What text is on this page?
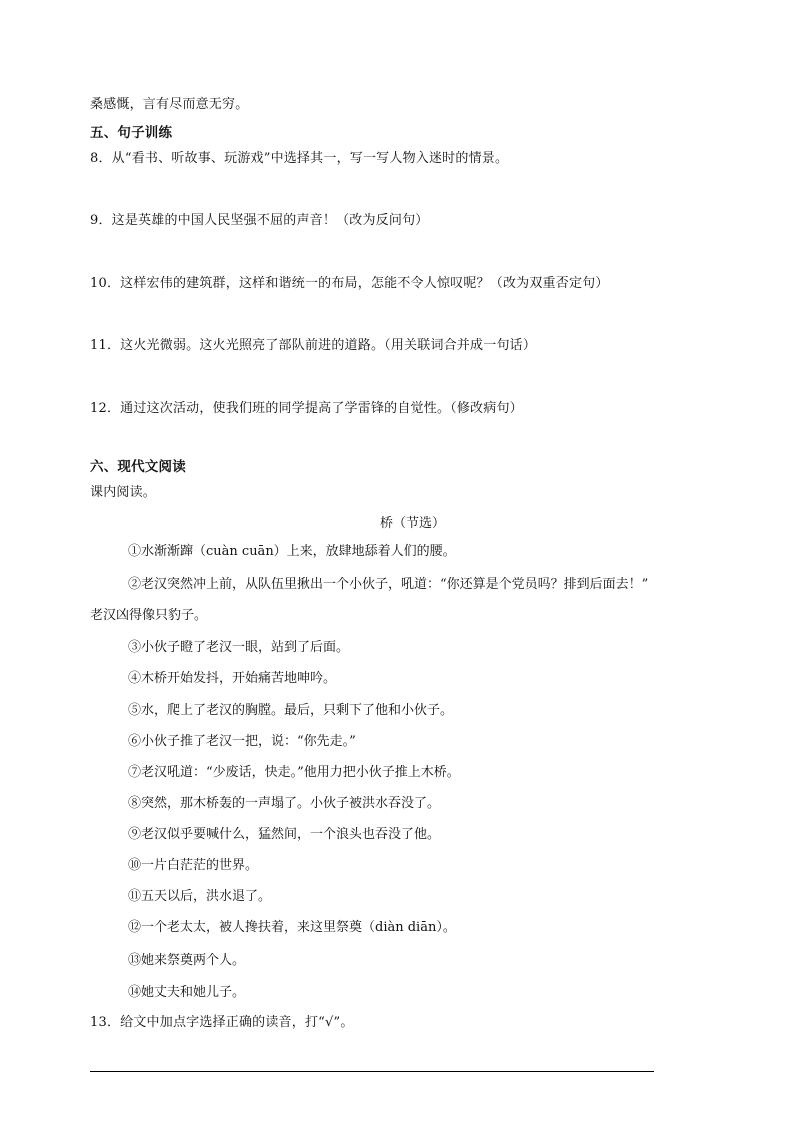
桑感慨，言有尽而意无穷。
五、句子训练
8．从“看书、听故事、玩游戏”中选择其一，写一写人物入迷时的情景。
9．这是英雄的中国人民坚强不屈的声音！（改为反问句）
10．这样宏伟的建筑群，这样和谐统一的布局，怎能不令人惊叹呢？（改为双重否定句）
11．这火光微弱。这火光照亮了部队前进的道路。（用关联词合并成一句话）
12．通过这次活动，使我们班的同学提高了学雷锋的自觉性。（修改病句）
六、现代文阅读
课内阅读。
桥（节选）
①水渐渐蹿（cuàn cuān）上来，放肆地舔着人们的腰。
②老汉突然冲上前，从队伍里揪出一个小伙子，吼道：“你还算是个党员吗？排到后面去！”
老汉凶得像只豹子。
③小伙子瞪了老汉一眼，站到了后面。
④木桥开始发抖，开始痛苦地呻吟。
⑤水，爬上了老汉的胸膛。最后，只剩下了他和小伙子。
⑥小伙子推了老汉一把，说：“你先走。”
⑦老汉吼道：“少废话，快走。”他用力把小伙子推上木桥。
⑧突然，那木桥轰的一声塌了。小伙子被洪水吞没了。
⑨老汉似乎要喊什么，猛然间，一个浪头也吞没了他。
⑩一片白茫茫的世界。
⑪五天以后，洪水退了。
⑫一个老太太，被人搀扶着，来这里祭奠（diàn diān）。
⑬她来祭奠两个人。
⑭她丈夫和她儿子。
13．给文中加点字选择正确的读音，打“√”。
